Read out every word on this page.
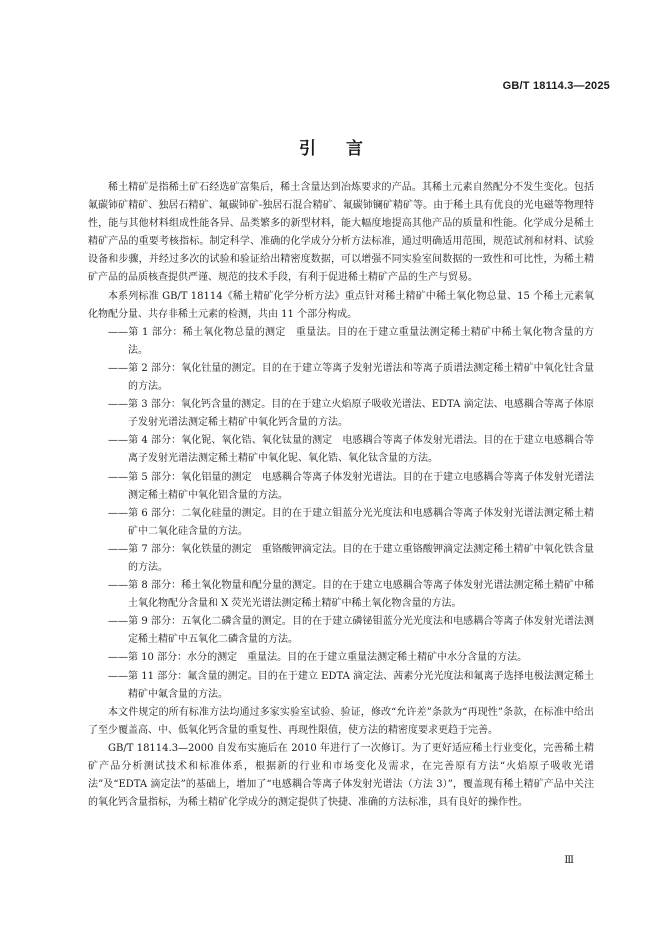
GB/T 18114.3—2025
引言

稀土精矿是指稀土矿石经选矿富集后，稀土含量达到冶炼要求的产品。其稀土元素自然配分不发生变化。包括氟碳铈矿精矿、独居石精矿、氟碳铈矿-独居石混合精矿、氟碳铈镧矿精矿等。由于稀土具有优良的光电磁等物理特性，能与其他材料组成性能各异、品类繁多的新型材料，能大幅度地提高其他产品的质量和性能。化学成分是稀土精矿产品的重要考核指标。制定科学、准确的化学成分分析方法标准，通过明确适用范围，规范试剂和材料、试验设备和步骤，并经过多次的试验和验证给出精密度数据，可以增强不同实验室间数据的一致性和可比性，为稀土精矿产品的品质核查提供严谨、规范的技术手段，有利于促进稀土精矿产品的生产与贸易。

本系列标准 GB/T 18114《稀土精矿化学分析方法》重点针对稀土精矿中稀土氧化物总量、15 个稀土元素氧化物配分量、共存非稀土元素的检测，共由 11 个部分构成。

——第 1 部分：稀土氧化物总量的测定　重量法。目的在于建立重量法测定稀土精矿中稀土氧化物含量的方法。

——第 2 部分：氧化钍量的测定。目的在于建立等离子发射光谱法和等离子质谱法测定稀土精矿中氧化钍含量的方法。

——第 3 部分：氧化钙含量的测定。目的在于建立火焰原子吸收光谱法、EDTA 滴定法、电感耦合等离子体原子发射光谱法测定稀土精矿中氧化钙含量的方法。

——第 4 部分：氧化铌、氧化锆、氧化钛量的测定　电感耦合等离子体发射光谱法。目的在于建立电感耦合等离子发射光谱法测定稀土精矿中氧化铌、氧化锆、氧化钛含量的方法。

——第 5 部分：氧化铝量的测定　电感耦合等离子体发射光谱法。目的在于建立电感耦合等离子体发射光谱法测定稀土精矿中氧化铝含量的方法。

——第 6 部分：二氧化硅量的测定。目的在于建立钼蓝分光光度法和电感耦合等离子体发射光谱法测定稀土精矿中二氧化硅含量的方法。

——第 7 部分：氧化铁量的测定　重铬酸钾滴定法。目的在于建立重铬酸钾滴定法测定稀土精矿中氧化铁含量的方法。

——第 8 部分：稀土氧化物量和配分量的测定。目的在于建立电感耦合等离子体发射光谱法测定稀土精矿中稀土氧化物配分含量和 X 荧光光谱法测定稀土精矿中稀土氧化物含量的方法。

——第 9 部分：五氧化二磷含量的测定。目的在于建立磷铋钼蓝分光光度法和电感耦合等离子体发射光谱法测定稀土精矿中五氧化二磷含量的方法。

——第 10 部分：水分的测定　重量法。目的在于建立重量法测定稀土精矿中水分含量的方法。

——第 11 部分：氟含量的测定。目的在于建立 EDTA 滴定法、茜素分光光度法和氟离子选择电极法测定稀土精矿中氟含量的方法。

本文件规定的所有标准方法均通过多家实验室试验、验证，修改“允许差”条款为“再现性”条款，在标准中给出了至少覆盖高、中、低氧化钙含量的重复性、再现性限值，使方法的精密度要求更趋于完善。

GB/T 18114.3—2000 自发布实施后在 2010 年进行了一次修订。为了更好适应稀土行业变化，完善稀土精矿产品分析测试技术和标准体系，根据新的行业和市场变化及需求，在完善原有方法“火焰原子吸收光谱法”及“EDTA 滴定法”的基础上，增加了“电感耦合等离子体发射光谱法（方法 3）”，覆盖现有稀土精矿产品中关注的氧化钙含量指标，为稀土精矿化学成分的测定提供了快捷、准确的方法标准，具有良好的操作性。

Ⅲ
